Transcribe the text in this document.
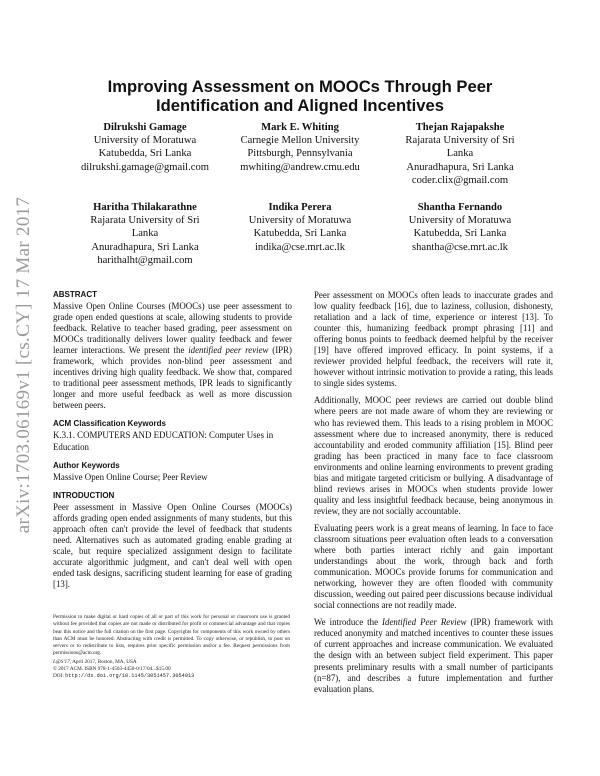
arXiv:1703.06169v1 [cs.CY] 17 Mar 2017
Improving Assessment on MOOCs Through Peer Identification and Aligned Incentives
Dilrukshi Gamage
University of Moratuwa
Katubedda, Sri Lanka
dilrukshi.gamage@gmail.com
Mark E. Whiting
Carnegie Mellon University
Pittsburgh, Pennsylvania
mwhiting@andrew.cmu.edu
Thejan Rajapakshe
Rajarata University of Sri
Lanka
Anuradhapura, Sri Lanka
coder.clix@gmail.com
Haritha Thilakarathne
Rajarata University of Sri
Lanka
Anuradhapura, Sri Lanka
harithalht@gmail.com
Indika Perera
University of Moratuwa
Katubedda, Sri Lanka
indika@cse.mrt.ac.lk
Shantha Fernando
University of Moratuwa
Katubedda, Sri Lanka
shantha@cse.mrt.ac.lk
ABSTRACT

Massive Open Online Courses (MOOCs) use peer assessment to grade open ended questions at scale, allowing students to provide feedback. Relative to teacher based grading, peer assessment on MOOCs traditionally delivers lower quality feedback and fewer learner interactions. We present the identified peer review (IPR) framework, which provides non-blind peer assessment and incentives driving high quality feedback. We show that, compared to traditional peer assessment methods, IPR leads to significantly longer and more useful feedback as well as more discussion between peers.

ACM Classification Keywords

K.3.1. COMPUTERS AND EDUCATION: Computer Uses in Education

Author Keywords

Massive Open Online Course; Peer Review

INTRODUCTION

Peer assessment in Massive Open Online Courses (MOOCs) affords grading open ended assignments of many students, but this approach often can't provide the level of feedback that students need. Alternatives such as automated grading enable grading at scale, but require specialized assignment design to facilitate accurate algorithmic judgment, and can't deal well with open ended task designs, sacrificing student learning for ease of grading [13].

Permission to make digital or hard copies of all or part of this work for personal or classroom use is granted without fee provided that copies are not made or distributed for profit or commercial advantage and that copies bear this notice and the full citation on the first page. Copyrights for components of this work owned by others than ACM must be honored. Abstracting with credit is permitted. To copy otherwise, or republish, to post on servers or to redistribute to lists, requires prior specific permission and/or a fee. Request permissions from permissions@acm.org.

L@S'17, April 2017, Boston, MA, USA

© 2017 ACM. ISBN 978-1-4503-4450-0/17/04...$15.00

DOI: http://dx.doi.org/10.1145/3051457.3054013

Peer assessment on MOOCs often leads to inaccurate grades and low quality feedback [16], due to laziness, collusion, dishonesty, retaliation and a lack of time, experience or interest [13]. To counter this, humanizing feedback prompt phrasing [11] and offering bonus points to feedback deemed helpful by the receiver [19] have offered improved efficacy. In point systems, if a reviewer provided helpful feedback, the receivers will rate it, however without intrinsic motivation to provide a rating, this leads to single sides systems.

Additionally, MOOC peer reviews are carried out double blind where peers are not made aware of whom they are reviewing or who has reviewed them. This leads to a rising problem in MOOC assessment where due to increased anonymity, there is reduced accountability and eroded community affiliation [15]. Blind peer grading has been practiced in many face to face classroom environments and online learning environments to prevent grading bias and mitigate targeted criticism or bullying. A disadvantage of blind reviews arises in MOOCs when students provide lower quality and less insightful feedback because, being anonymous in review, they are not socially accountable.

Evaluating peers work is a great means of learning. In face to face classroom situations peer evaluation often leads to a conversation where both parties interact richly and gain important understandings about the work, through back and forth communication. MOOCs provide forums for communication and networking, however they are often flooded with community discussion, weeding out paired peer discussions because individual social connections are not readily made.

We introduce the Identified Peer Review (IPR) framework with reduced anonymity and matched incentives to counter these issues of current approaches and increase communication. We evaluated the design with an between subject field experiment. This paper presents preliminary results with a small number of participants (n=87), and describes a future implementation and further evaluation plans.
